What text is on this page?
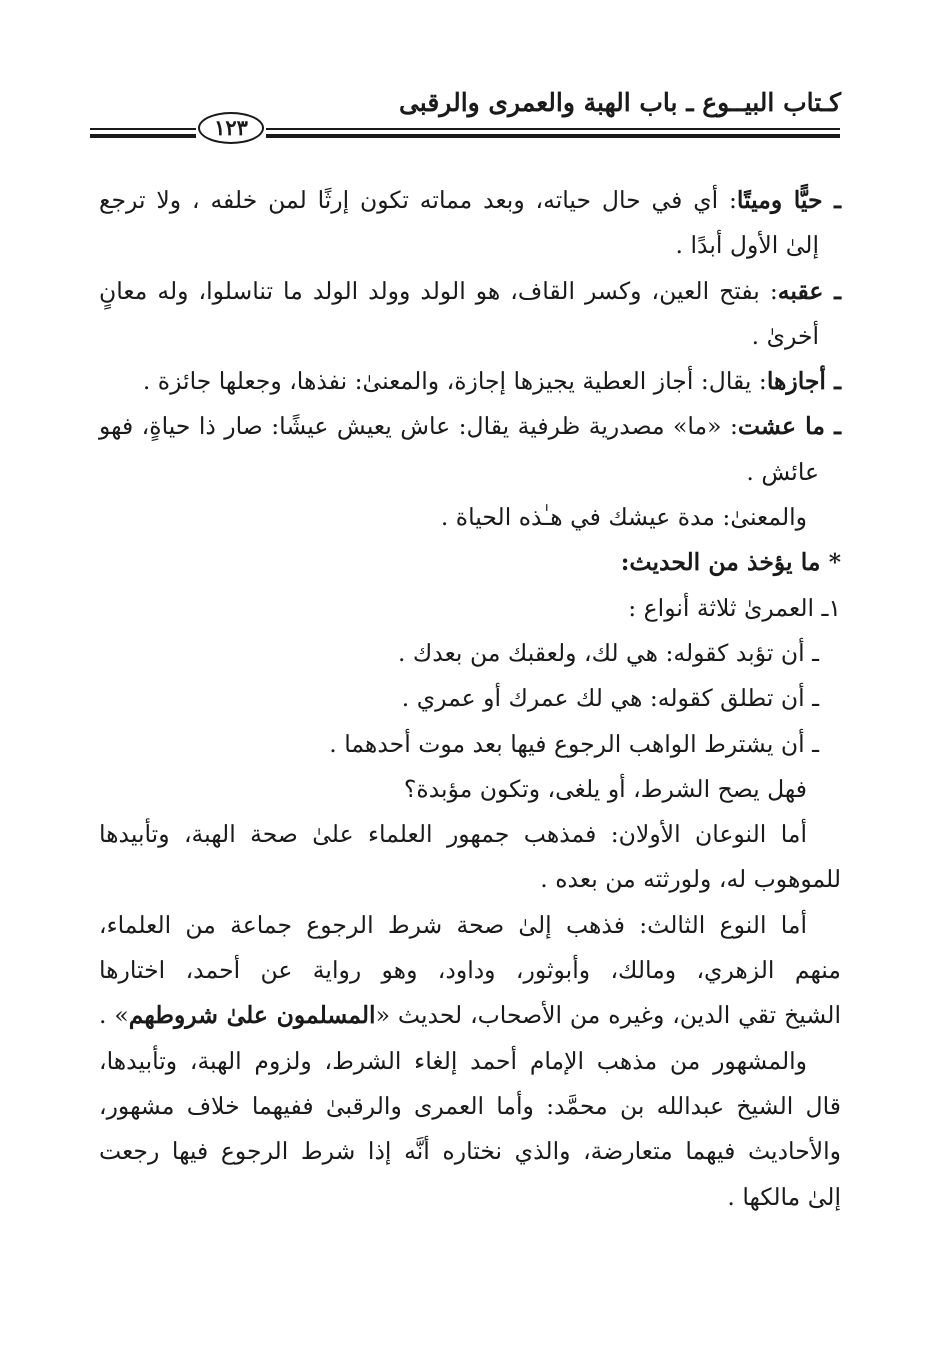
كـتاب البيــوع ـ باب الهبة والعمرى والرقبى
١٢٣
ـ حيًّا وميتًا: أي في حال حياته، وبعد مماته تكون إرثًا لمن خلفه ، ولا ترجع
إلىٰ الأول أبدًا .
ـ عقبه: بفتح العين، وكسر القاف، هو الولد وولد الولد ما تناسلوا، وله معانٍ
أخرىٰ .
ـ أجازها: يقال: أجاز العطية يجيزها إجازة، والمعنىٰ: نفذها، وجعلها جائزة .
ـ ما عشت: «ما» مصدرية ظرفية يقال: عاش يعيش عيشًا: صار ذا حياةٍ، فهو
عائش .
والمعنىٰ: مدة عيشك في هـٰذه الحياة .
* ما يؤخذ من الحديث:
١ـ العمرىٰ ثلاثة أنواع :
ـ أن تؤبد كقوله: هي لك، ولعقبك من بعدك .
ـ أن تطلق كقوله: هي لك عمرك أو عمري .
ـ أن يشترط الواهب الرجوع فيها بعد موت أحدهما .
فهل يصح الشرط، أو يلغى، وتكون مؤبدة؟
أما النوعان الأولان: فمذهب جمهور العلماء علىٰ صحة الهبة، وتأبيدها
للموهوب له، ولورثته من بعده .
أما النوع الثالث: فذهب إلىٰ صحة شرط الرجوع جماعة من العلماء،
منهم الزهري، ومالك، وأبوثور، وداود، وهو رواية عن أحمد، اختارها
الشيخ تقي الدين، وغيره من الأصحاب، لحديث «المسلمون علىٰ شروطهم» .
والمشهور من مذهب الإمام أحمد إلغاء الشرط، ولزوم الهبة، وتأبيدها،
قال الشيخ عبدالله بن محمَّد: وأما العمرى والرقبىٰ ففيهما خلاف مشهور،
والأحاديث فيهما متعارضة، والذي نختاره أنَّه إذا شرط الرجوع فيها رجعت
إلىٰ مالكها .
